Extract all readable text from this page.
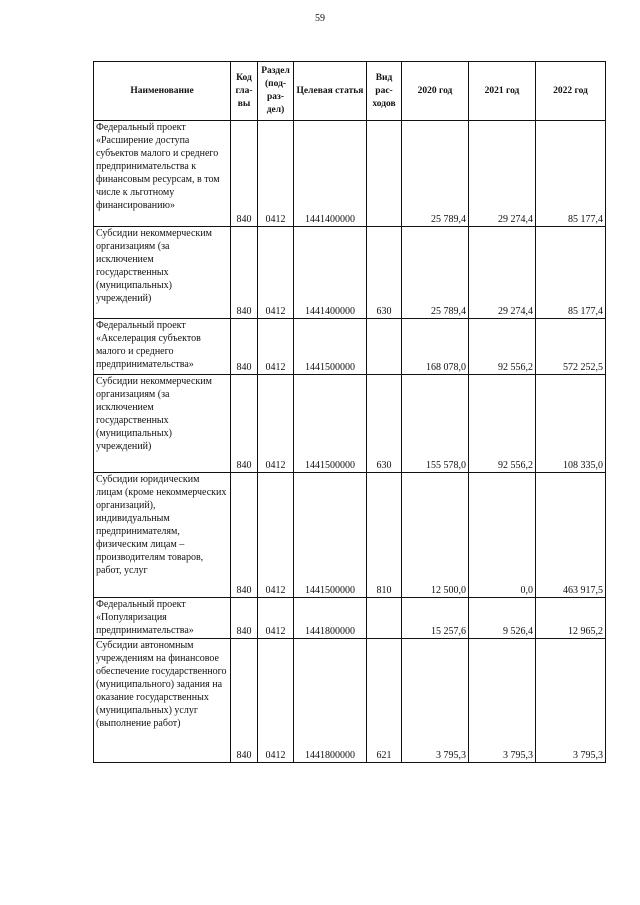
59
Наименование	Код гла- вы	Раздел (под- раз- дел)	Целевая статья	Вид рас- ходов	2020 год	2021 год	2022 год
Федеральный проект «Расширение доступа субъектов малого и среднего предпринимательства к финансовым ресурсам, в том числе к льготному финансированию»	840	0412	1441400000		25 789,4	29 274,4	85 177,4
Субсидии некоммерческим организациям (за исключением государственных (муниципальных) учреждений)	840	0412	1441400000	630	25 789,4	29 274,4	85 177,4
Федеральный проект «Акселерация субъектов малого и среднего предпринимательства»	840	0412	1441500000		168 078,0	92 556,2	572 252,5
Субсидии некоммерческим организациям (за исключением государственных (муниципальных) учреждений)	840	0412	1441500000	630	155 578,0	92 556,2	108 335,0
Субсидии юридическим лицам (кроме некоммерческих организаций), индивидуальным предпринимателям, физическим лицам – производителям товаров, работ, услуг	840	0412	1441500000	810	12 500,0	0,0	463 917,5
Федеральный проект «Популяризация предпринимательства»	840	0412	1441800000		15 257,6	9 526,4	12 965,2
Субсидии автономным учреждениям на финансовое обеспечение государственного (муниципального) задания на оказание государственных (муниципальных) услуг (выполнение работ)	840	0412	1441800000	621	3 795,3	3 795,3	3 795,3
